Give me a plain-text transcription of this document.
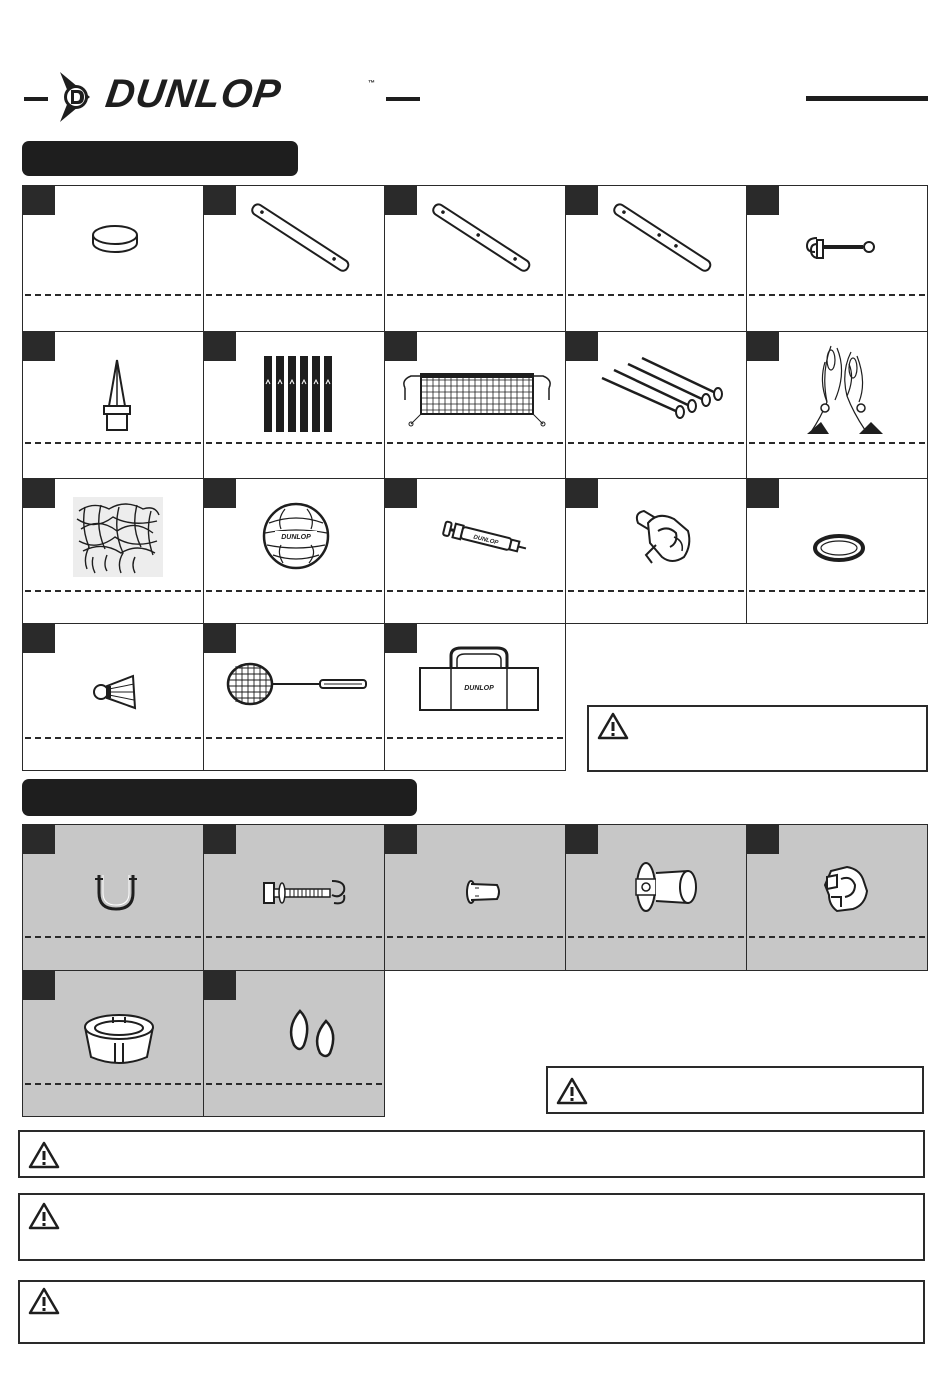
DUNLOP	™
DUNLOP	DUNLOP
DUNLOP
